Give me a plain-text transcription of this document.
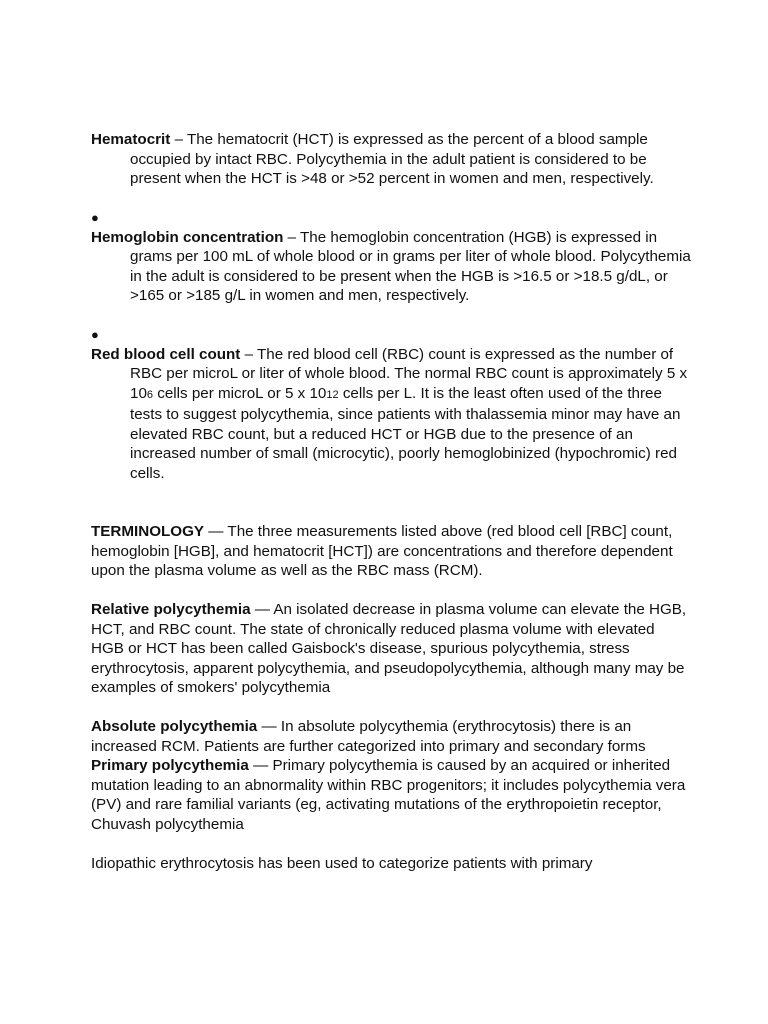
Hematocrit – The hematocrit (HCT) is expressed as the percent of a blood sample occupied by intact RBC. Polycythemia in the adult patient is considered to be present when the HCT is >48 or >52 percent in women and men, respectively.

●

Hemoglobin concentration – The hemoglobin concentration (HGB) is expressed in grams per 100 mL of whole blood or in grams per liter of whole blood. Polycythemia in the adult is considered to be present when the HGB is >16.5 or >18.5 g/dL, or >165 or >185 g/L in women and men, respectively.

●

Red blood cell count – The red blood cell (RBC) count is expressed as the number of RBC per microL or liter of whole blood. The normal RBC count is approximately 5 x 106 cells per microL or 5 x 1012 cells per L. It is the least often used of the three tests to suggest polycythemia, since patients with thalassemia minor may have an elevated RBC count, but a reduced HCT or HGB due to the presence of an increased number of small (microcytic), poorly hemoglobinized (hypochromic) red cells.

TERMINOLOGY — The three measurements listed above (red blood cell [RBC] count, hemoglobin [HGB], and hematocrit [HCT]) are concentrations and therefore dependent upon the plasma volume as well as the RBC mass (RCM).

Relative polycythemia — An isolated decrease in plasma volume can elevate the HGB, HCT, and RBC count. The state of chronically reduced plasma volume with elevated HGB or HCT has been called Gaisbock's disease, spurious polycythemia, stress erythrocytosis, apparent polycythemia, and pseudopolycythemia, although many may be examples of smokers' polycythemia

Absolute polycythemia — In absolute polycythemia (erythrocytosis) there is an increased RCM. Patients are further categorized into primary and secondary forms

Primary polycythemia — Primary polycythemia is caused by an acquired or inherited mutation leading to an abnormality within RBC progenitors; it includes polycythemia vera (PV) and rare familial variants (eg, activating mutations of the erythropoietin receptor, Chuvash polycythemia

Idiopathic erythrocytosis has been used to categorize patients with primary
